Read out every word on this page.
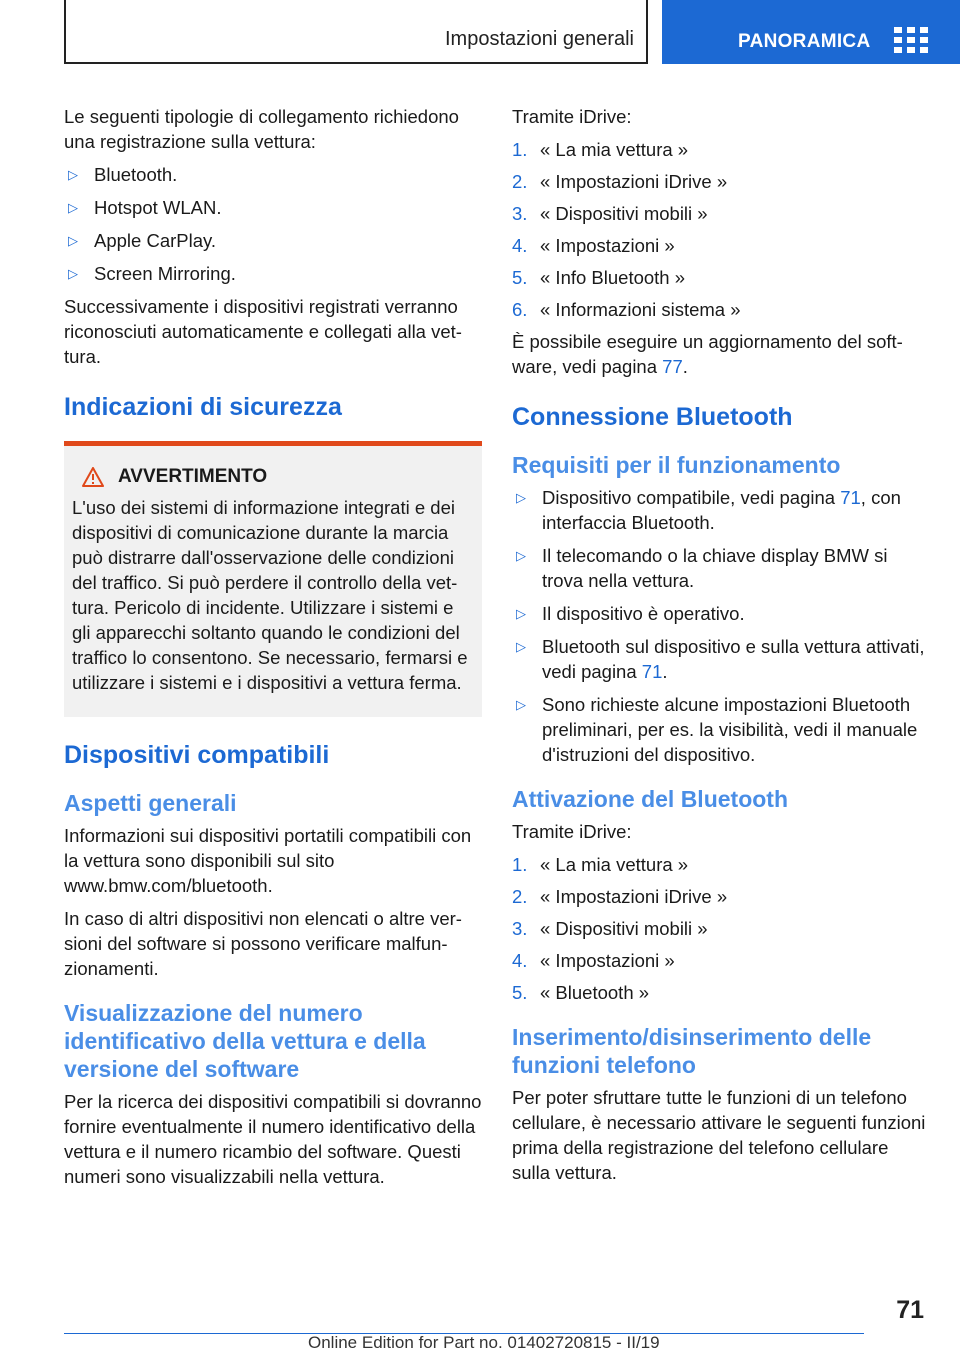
Impostazioni generali	PANORAMICA

Le seguenti tipologie di collegamento richiedono una registrazione sulla vettura:

▷ Bluetooth.
▷ Hotspot WLAN.
▷ Apple CarPlay.
▷ Screen Mirroring.

Successivamente i dispositivi registrati verranno riconosciuti automaticamente e collegati alla vettura.

Indicazioni di sicurezza
AVVERTIMENTO
L'uso dei sistemi di informazione integrati e dei dispositivi di comunicazione durante la marcia può distrarre dall'osservazione delle condizioni del traffico. Si può perdere il controllo della vettura. Pericolo di incidente. Utilizzare i sistemi e gli apparecchi soltanto quando le condizioni del traffico lo consentono. Se necessario, fermarsi e utilizzare i sistemi e i dispositivi a vettura ferma.
Dispositivi compatibili
Aspetti generali

Informazioni sui dispositivi portatili compatibili con la vettura sono disponibili sul sito www.bmw.com/bluetooth.

In caso di altri dispositivi non elencati o altre versioni del software si possono verificare malfunzionamenti.

Visualizzazione del numero identificativo della vettura e della versione del software

Per la ricerca dei dispositivi compatibili si dovranno fornire eventualmente il numero identificativo della vettura e il numero ricambio del software. Questi numeri sono visualizzabili nella vettura.

Tramite iDrive:

1. « La mia vettura »
2. « Impostazioni iDrive »
3. « Dispositivi mobili »
4. « Impostazioni »
5. « Info Bluetooth »
6. « Informazioni sistema »

È possibile eseguire un aggiornamento del software, vedi pagina 77.

Connessione Bluetooth
Requisiti per il funzionamento
▷ Dispositivo compatibile, vedi pagina 71, con interfaccia Bluetooth.
▷ Il telecomando o la chiave display BMW si trova nella vettura.
▷ Il dispositivo è operativo.
▷ Bluetooth sul dispositivo e sulla vettura attivati, vedi pagina 71.
▷ Sono richieste alcune impostazioni Bluetooth preliminari, per es. la visibilità, vedi il manuale d'istruzioni del dispositivo.
Attivazione del Bluetooth

Tramite iDrive:

1. « La mia vettura »
2. « Impostazioni iDrive »
3. « Dispositivi mobili »
4. « Impostazioni »
5. « Bluetooth »
Inserimento/disinserimento delle funzioni telefono

Per poter sfruttare tutte le funzioni di un telefono cellulare, è necessario attivare le seguenti funzioni prima della registrazione del telefono cellulare sulla vettura.

71
Online Edition for Part no. 01402720815 - II/19
